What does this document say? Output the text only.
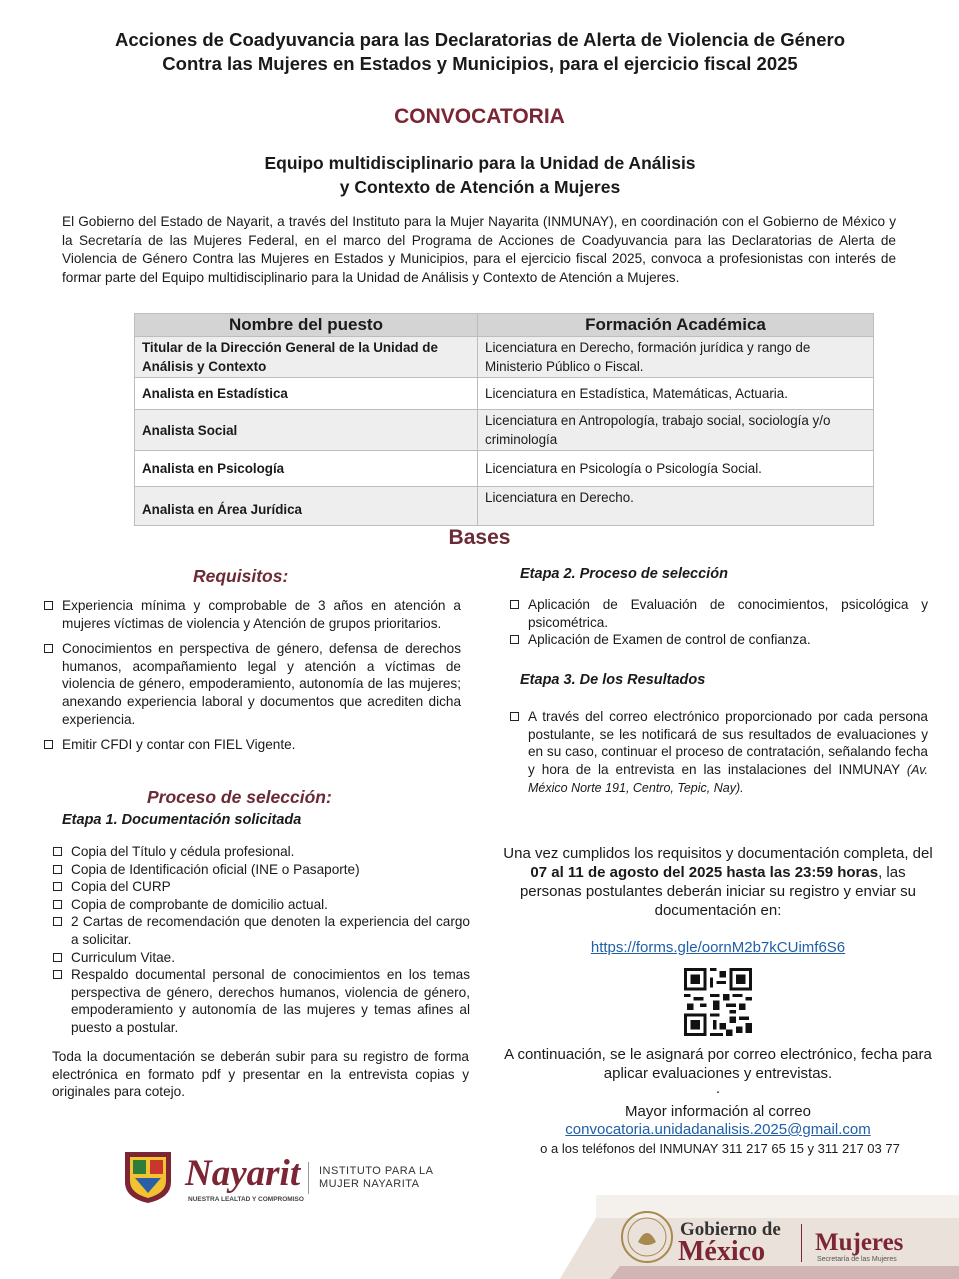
Acciones de Coadyuvancia para las Declaratorias de Alerta de Violencia de Género
Contra las Mujeres en Estados y Municipios, para el ejercicio fiscal 2025
CONVOCATORIA
Equipo multidisciplinario para la Unidad de Análisis
y Contexto de Atención a Mujeres
El Gobierno del Estado de Nayarit, a través del Instituto para la Mujer Nayarita (INMUNAY), en coordinación con el Gobierno de México y la Secretaría de las Mujeres Federal, en el marco del Programa de Acciones de Coadyuvancia para las Declaratorias de Alerta de Violencia de Género Contra las Mujeres en Estados y Municipios, para el ejercicio fiscal 2025, convoca a profesionistas con interés de formar parte del Equipo multidisciplinario para la Unidad de Análisis y Contexto de Atención a Mujeres.
Nombre del puesto	Formación Académica
Titular de la Dirección General de la Unidad de Análisis y Contexto	Licenciatura en Derecho, formación jurídica y rango de Ministerio Público o Fiscal.
Analista en Estadística	Licenciatura en Estadística, Matemáticas, Actuaria.
Analista Social	Licenciatura en Antropología, trabajo social, sociología y/o criminología
Analista en Psicología	Licenciatura en Psicología o Psicología Social.
Analista en Área Jurídica	Licenciatura en Derecho.
Bases
Requisitos:
Experiencia mínima y comprobable de 3 años en atención a mujeres víctimas de violencia y Atención de grupos prioritarios.
Conocimientos en perspectiva de género, defensa de derechos humanos, acompañamiento legal y atención a víctimas de violencia de género, empoderamiento, autonomía de las mujeres; anexando experiencia laboral y documentos que acrediten dicha experiencia.
Emitir CFDI y contar con FIEL Vigente.
Proceso de selección:
Etapa 1. Documentación solicitada
Copia del Título y cédula profesional.
Copia de Identificación oficial (INE o Pasaporte)
Copia del CURP
Copia de comprobante de domicilio actual.
2 Cartas de recomendación que denoten la experiencia del cargo a solicitar.
Curriculum Vitae.
Respaldo documental personal de conocimientos en los temas perspectiva de género, derechos humanos, violencia de género, empoderamiento y autonomía de las mujeres y temas afines al puesto a postular.
Toda la documentación se deberán subir para su registro de forma electrónica en formato pdf y presentar en la entrevista copias y originales para cotejo.
Etapa 2. Proceso de selección
Aplicación de Evaluación de conocimientos, psicológica y psicométrica.
Aplicación de Examen de control de confianza.
Etapa 3. De los Resultados
A través del correo electrónico proporcionado por cada persona postulante, se les notificará de sus resultados de evaluaciones y en su caso, continuar el proceso de contratación, señalando fecha y hora de la entrevista en las instalaciones del INMUNAY (Av. México Norte 191, Centro, Tepic, Nay).
Una vez cumplidos los requisitos y documentación completa, del 07 al 11 de agosto del 2025 hasta las 23:59 horas, las personas postulantes deberán iniciar su registro y enviar su documentación en:
https://forms.gle/oornM2b7kCUimf6S6
A continuación, se le asignará por correo electrónico, fecha para aplicar evaluaciones y entrevistas.
.
Mayor información al correo
convocatoria.unidadanalisis.2025@gmail.com
o a los teléfonos del INMUNAY 311 217 65 15 y 311 217 03 77
Nayarit
NUESTRA LEALTAD Y COMPROMISO
INSTITUTO PARA LA
MUJER NAYARITA
Gobierno de
México Mujeres
Secretaría de las Mujeres
